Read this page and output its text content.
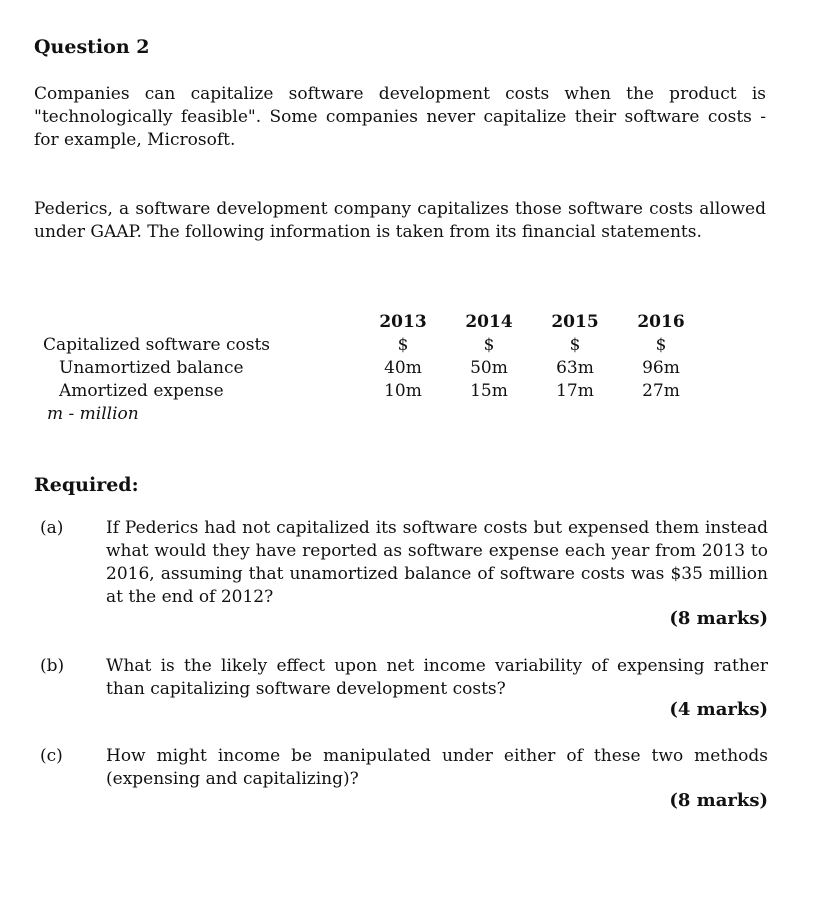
Question 2
Companies can capitalize software development costs when the product is "technologically feasible". Some companies never capitalize their software costs - for example, Microsoft.
Pederics, a software development company capitalizes those software costs allowed under GAAP. The following information is taken from its financial statements.
Capitalized software costs
Unamortized balance
Amortized expense
m - million
2013
$
40m
10m
2014
$
50m
15m
2015
$
63m
17m
2016
$
96m
27m
Required:
(a)	If Pederics had not capitalized its software costs but expensed them instead what would they have reported as software expense each year from 2013 to 2016, assuming that unamortized balance of software costs was $35 million at the end of 2012?
(8 marks)
(b) What is the likely effect upon net income variability of expensing rather than capitalizing software development costs?
(4 marks)
(c)	How might income be manipulated under either of these two methods (expensing and capitalizing)?
(8 marks)
